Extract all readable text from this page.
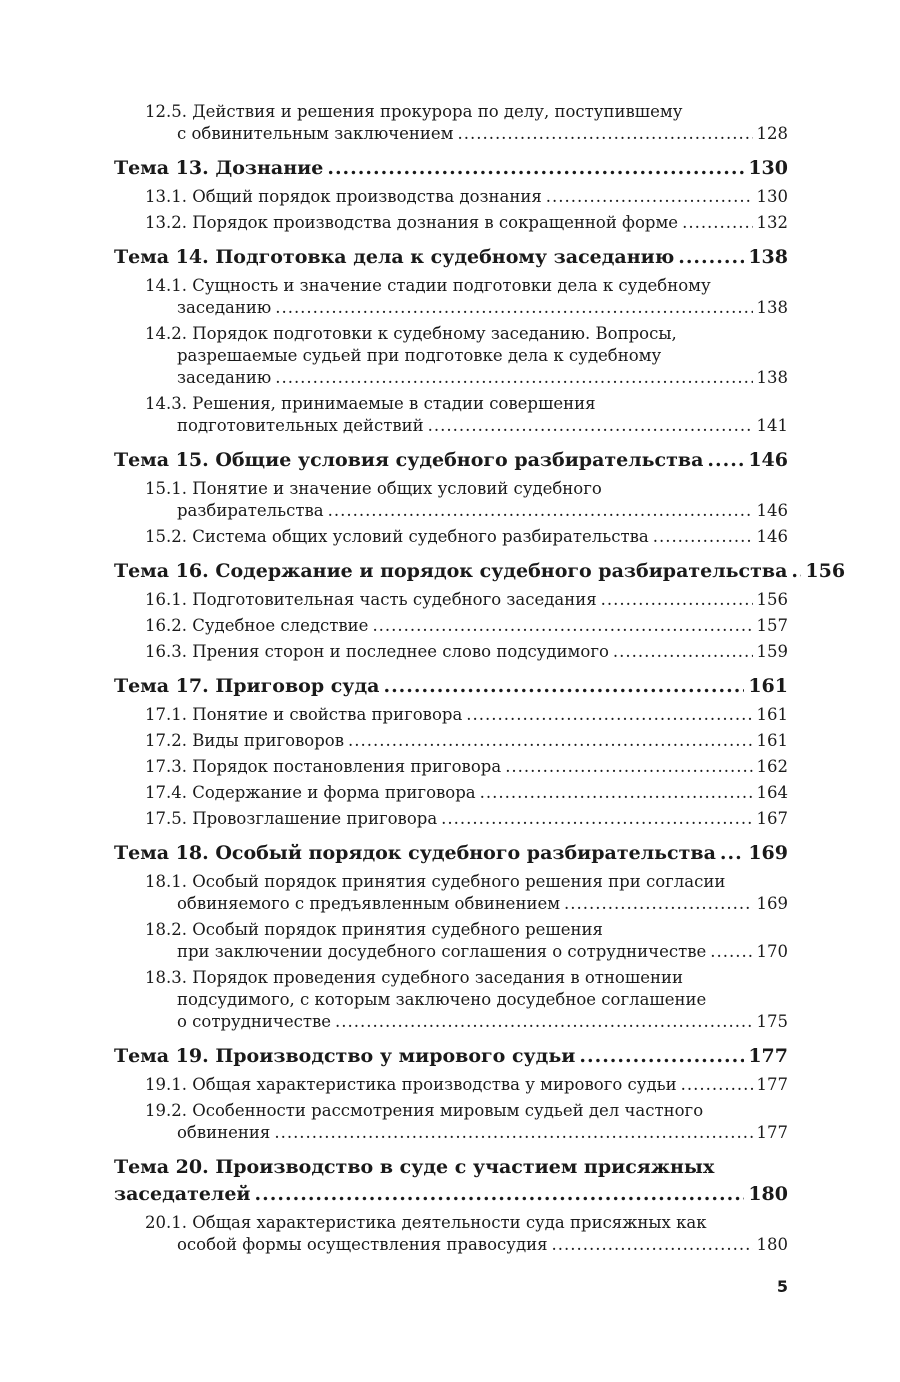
12.5. Действия и решения прокурора по делу, поступившему
с обвинительным заключением .....	128
Тема 13. Дознание .....	130
13.1. Общий порядок производства дознания .....	130
13.2. Порядок производства дознания в сокращенной форме .....	132
Тема 14. Подготовка дела к судебному заседанию .....	138
14.1. Сущность и значение стадии подготовки дела к судебному
заседанию .....	138
14.2. Порядок подготовки к судебному заседанию. Вопросы,
разрешаемые судьей при подготовке дела к судебному
заседанию .....	138
14.3. Решения, принимаемые в стадии совершения
подготовительных действий .....	141
Тема 15. Общие условия судебного разбирательства ..... 146
15.1. Понятие и значение общих условий судебного
разбирательства .....	146
15.2. Система общих условий судебного разбирательства .....	146
Тема 16. Содержание и порядок судебного разбирательства ..... 156
16.1. Подготовительная часть судебного заседания .....	156
16.2. Судебное следствие .....	157
16.3. Прения сторон и последнее слово подсудимого .....	159
Тема 17. Приговор суда .....	161
17.1. Понятие и свойства приговора .....	161
17.2. Виды приговоров .....	161
17.3. Порядок постановления приговора .....	162
17.4. Содержание и форма приговора .....	164
17.5. Провозглашение приговора .....	167
Тема 18. Особый порядок судебного разбирательства ..... 169
18.1. Особый порядок принятия судебного решения при согласии
обвиняемого с предъявленным обвинением .....	169
18.2. Особый порядок принятия судебного решения
при заключении досудебного соглашения о сотрудничестве .....	170
18.3. Порядок проведения судебного заседания в отношении
подсудимого, с которым заключено досудебное соглашение
о сотрудничестве .....	175
Тема 19. Производство у мирового судьи .....	177
19.1. Общая характеристика производства у мирового судьи .....	177
19.2. Особенности рассмотрения мировым судьей дел частного
обвинения .....	177
Тема 20. Производство в суде с участием присяжных
заседателей .....	180
20.1. Общая характеристика деятельности суда присяжных как
особой формы осуществления правосудия .....	180
5
